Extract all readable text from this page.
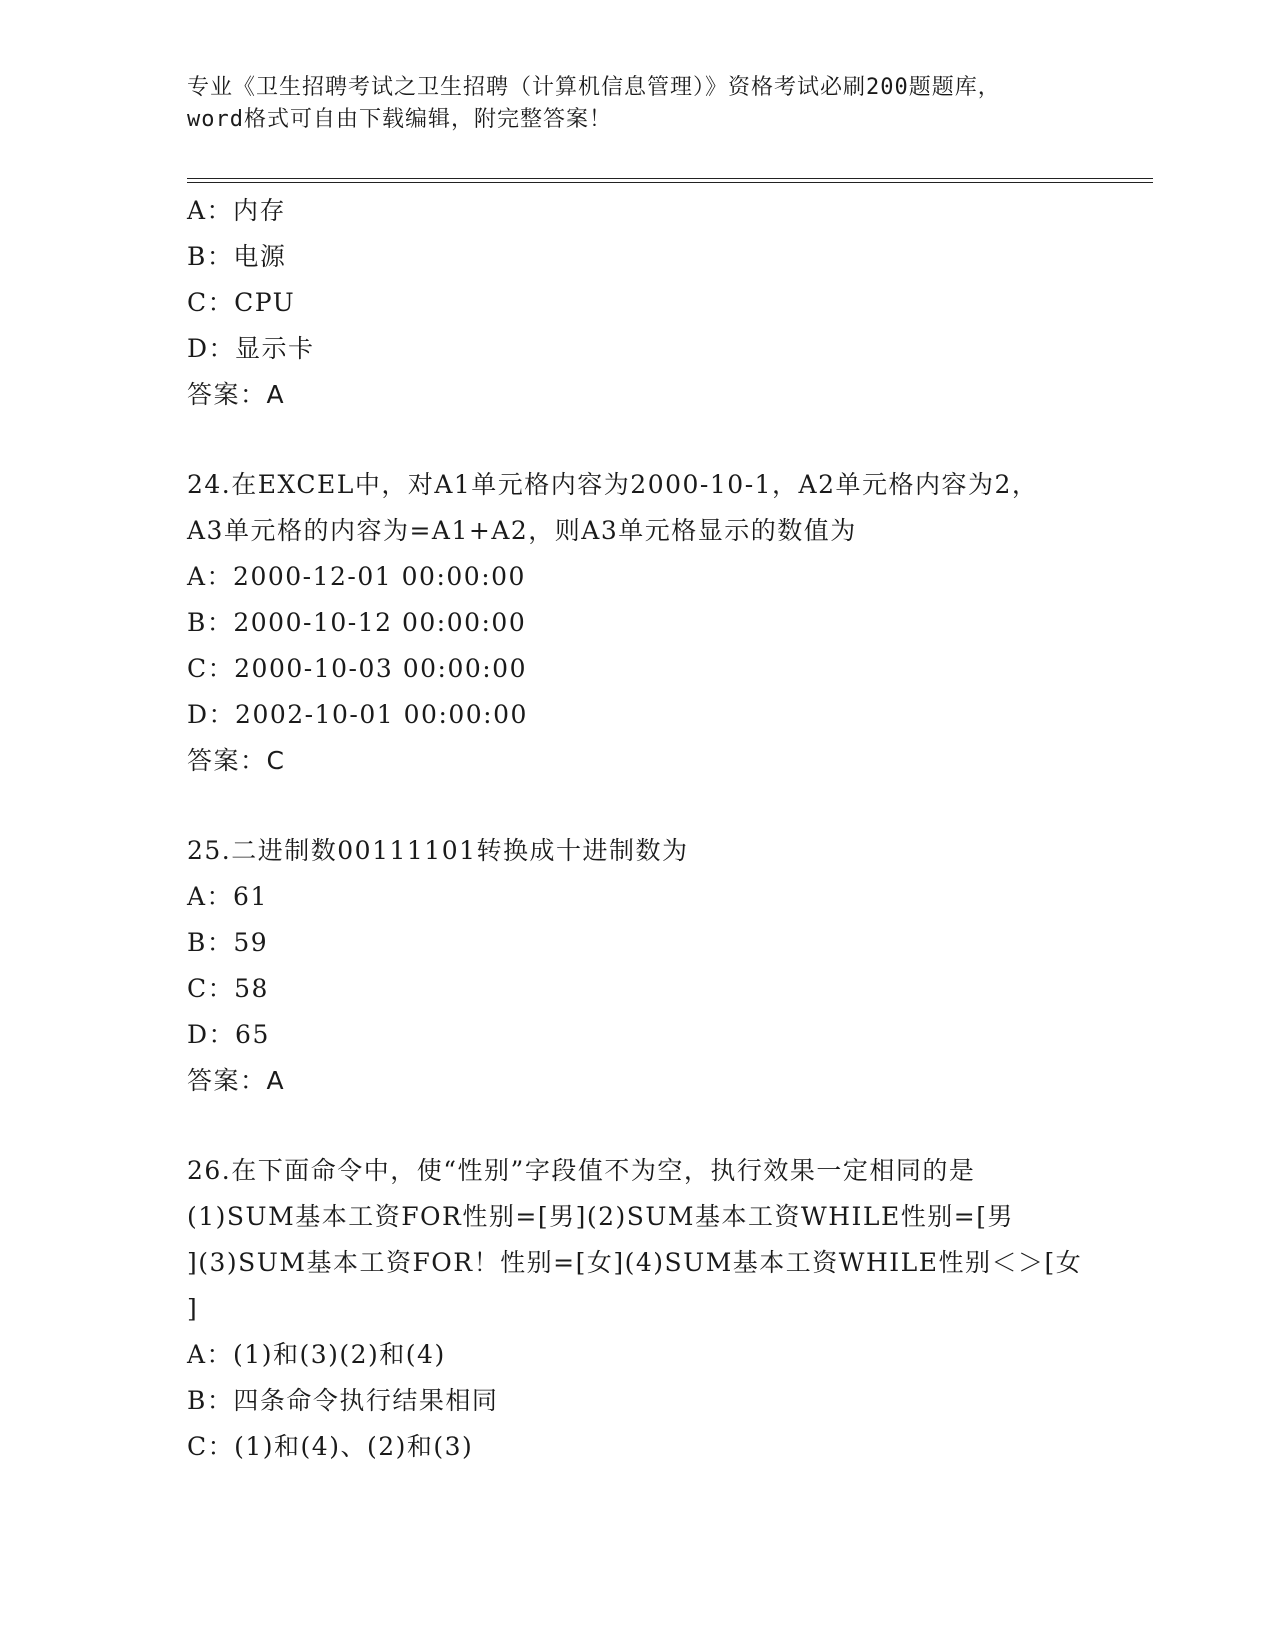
专业《卫生招聘考试之卫生招聘（计算机信息管理）》资格考试必刷200题题库，
word格式可自由下载编辑，附完整答案！
A：内存
B：电源
C：CPU
D：显示卡
答案：A
24.在EXCEL中，对A1单元格内容为2000-10-1，A2单元格内容为2，
A3单元格的内容为=A1+A2，则A3单元格显示的数值为
A：2000-12-01 00:00:00
B：2000-10-12 00:00:00
C：2000-10-03 00:00:00
D：2002-10-01 00:00:00
答案：C
25.二进制数00111101转换成十进制数为
A：61
B：59
C：58
D：65
答案：A
26.在下面命令中，使“性别”字段值不为空，执行效果一定相同的是
(1)SUM基本工资FOR性别=[男](2)SUM基本工资WHILE性别=[男
](3)SUM基本工资FOR！性别=[女](4)SUM基本工资WHILE性别＜＞[女
]
A：(1)和(3)(2)和(4)
B：四条命令执行结果相同
C：(1)和(4)、(2)和(3)
